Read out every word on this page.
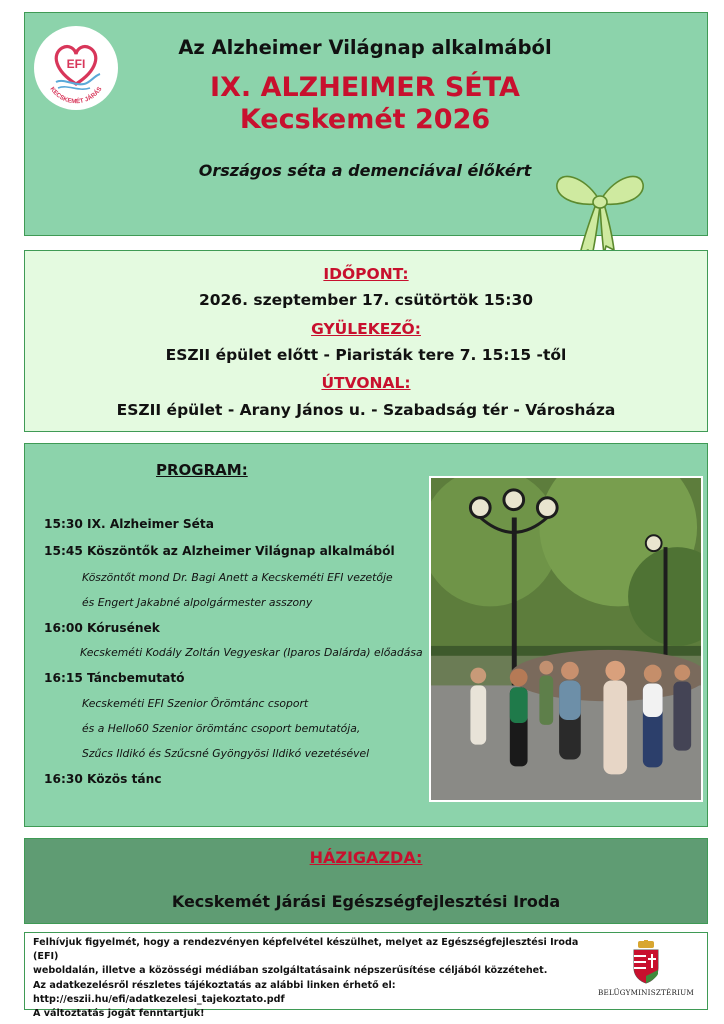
EFI
KECSKEMÉT JÁRÁS
Az Alzheimer Világnap alkalmából
IX. ALZHEIMER SÉTA
Kecskemét 2026
Országos séta a demenciával élőkért
IDŐPONT:
2026. szeptember 17. csütörtök 15:30
GYÜLEKEZŐ:
ESZII épület előtt - Piaristák tere 7. 15:15 -től
ÚTVONAL:
ESZII épület - Arany János u. - Szabadság tér - Városháza
PROGRAM:
15:30 IX. Alzheimer Séta
15:45 Köszöntők az Alzheimer Világnap alkalmából
Köszöntőt mond Dr. Bagi Anett a Kecskeméti EFI vezetője
és Engert Jakabné alpolgármester asszony
16:00 Kórusének
Kecskeméti Kodály Zoltán Vegyeskar (Iparos Dalárda) előadása
16:15 Táncbemutató
Kecskeméti EFI Szenior Örömtánc csoport
és a Hello60 Szenior örömtánc csoport bemutatója,
Szűcs Ildikó és Szűcsné Gyöngyösi Ildikó vezetésével
16:30 Közös tánc
HÁZIGAZDA:
Kecskemét Járási Egészségfejlesztési Iroda
Felhívjuk figyelmét, hogy a rendezvényen képfelvétel készülhet, melyet az Egészségfejlesztési Iroda (EFI)
weboldalán, illetve a közösségi médiában szolgáltatásaink népszerűsítése céljából közzétehet.
Az adatkezelésről részletes tájékoztatás az alábbi linken érhető el:
http://eszii.hu/efi/adatkezelesi_tajekoztato.pdf
A változtatás jogát fenntartjuk!
BELÜGYMINISZTÉRIUM
